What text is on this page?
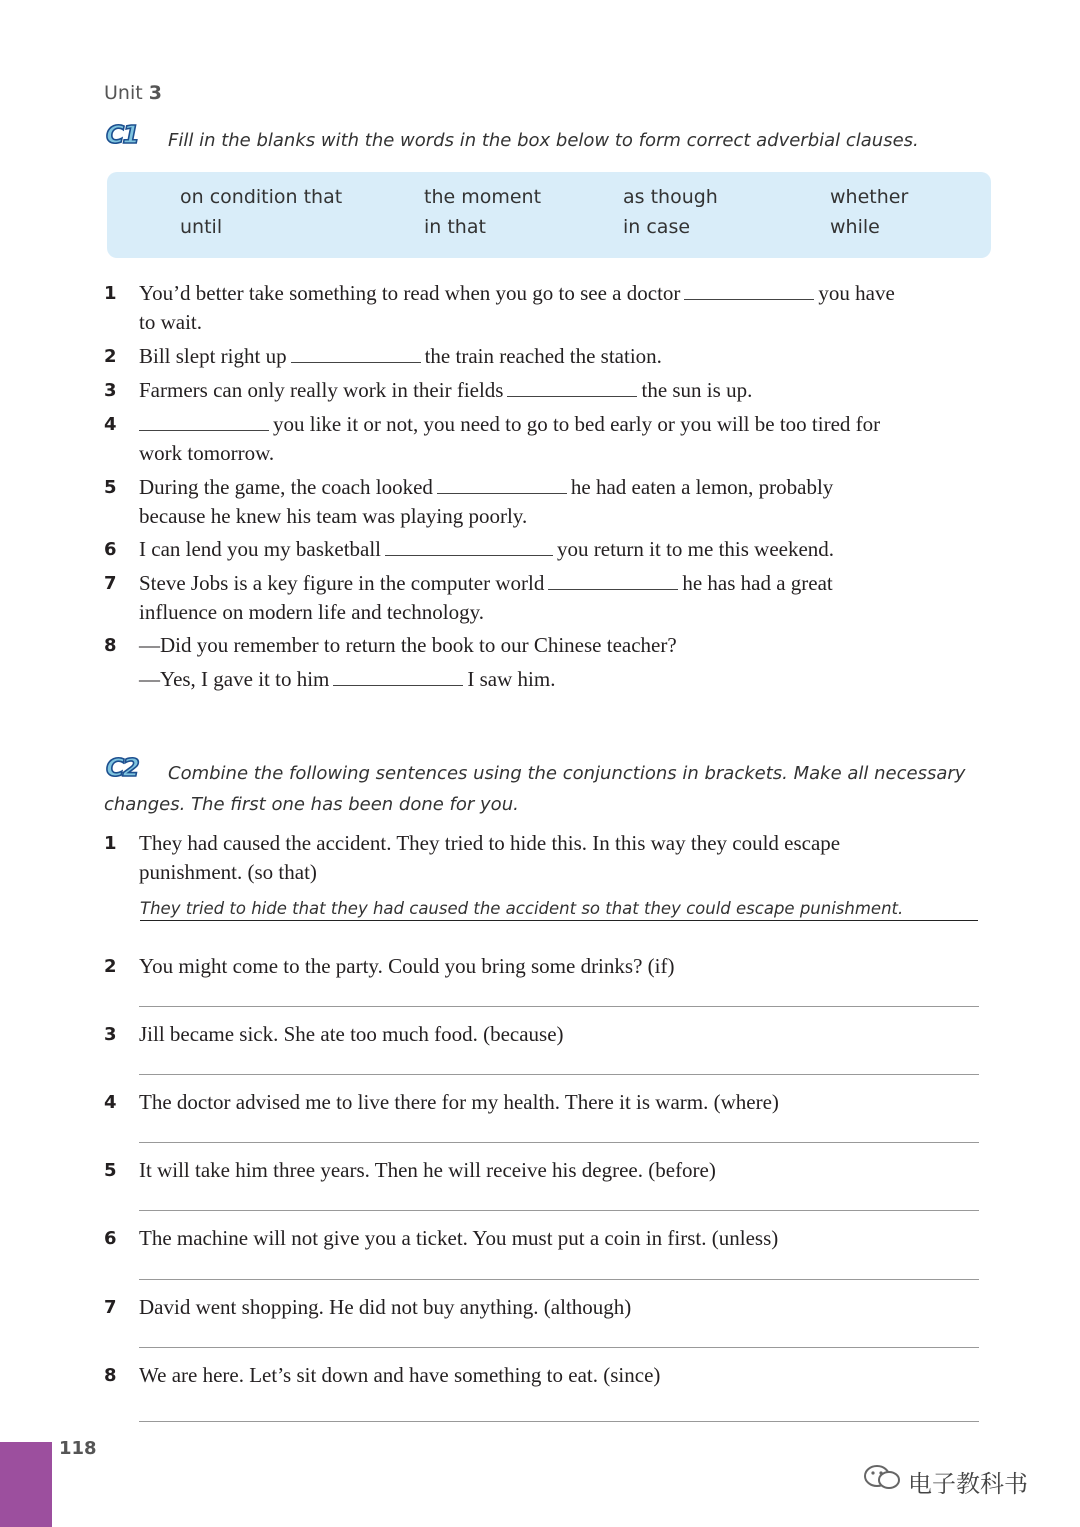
Unit 3
C1	Fill in the blanks with the words in the box below to form correct adverbial clauses.
on condition that	the moment	as though	whether
until	in that	in case	while
1	You’d better take something to read when you go to see a doctor	you have
to wait.
2	Bill slept right up	the train reached the station.
3	Farmers can only really work in their fields	the sun is up.
4	you like it or not, you need to go to bed early or you will be too tired for
work tomorrow.
5	During the game, the coach looked	he had eaten a lemon, probably
because he knew his team was playing poorly.
6	I can lend you my basketball	you return it to me this weekend.
7	Steve Jobs is a key figure in the computer world	he has had a great
influence on modern life and technology.
8	—Did you remember to return the book to our Chinese teacher?
—Yes, I gave it to him	I saw him.
C2	Combine the following sentences using the conjunctions in brackets. Make all necessary
changes. The first one has been done for you.
1	They had caused the accident. They tried to hide this. In this way they could escape
punishment. (so that)
They tried to hide that they had caused the accident so that they could escape punishment.
2	You might come to the party. Could you bring some drinks? (if)
3	Jill became sick. She ate too much food. (because)
4	The doctor advised me to live there for my health. There it is warm. (where)
5	It will take him three years. Then he will receive his degree. (before)
6	The machine will not give you a ticket. You must put a coin in first. (unless)
7	David went shopping. He did not buy anything. (although)
8	We are here. Let’s sit down and have something to eat. (since)
118
电子教科书
